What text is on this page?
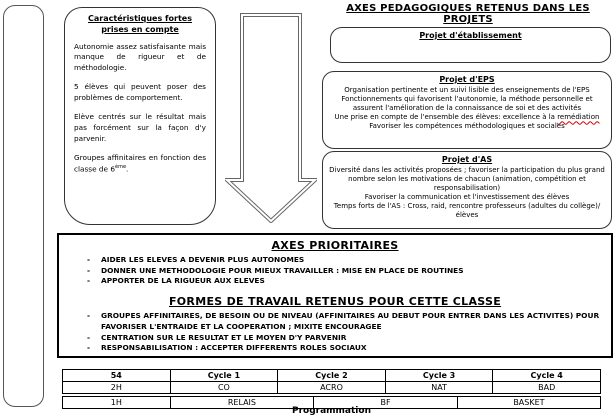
Caractéristiques fortes prises en compte

Autonomie assez satisfaisante mais manque de rigueur et de méthodologie.

5 élèves qui peuvent poser des problèmes de comportement.

Elève centrés sur le résultat mais pas forcément sur la façon d'y parvenir.

Groupes affinitaires en fonction des classe de 6ème.

AXES PEDAGOGIQUES RETENUS DANS LES PROJETS
Projet d'établissement
Projet d'EPS
Organisation pertinente et un suivi lisible des enseignements de l'EPS
Fonctionnements qui favorisent l'autonomie, la méthode personnelle et assurent l'amélioration de la connaissance de soi et des activités
Une prise en compte de l'ensemble des élèves: excellence à la remédiation
Favoriser les compétences méthodologiques et sociales
Projet d'AS
Diversité dans les activités proposées ; favoriser la participation du plus grand nombre selon les motivations de chacun (animation, compétition et responsabilisation)
Favoriser la communication et l'investissement des élèves
Temps forts de l'AS : Cross, raid, rencontre professeurs (adultes du collège)/élèves
AXES PRIORITAIRES
-	AIDER LES ELEVES A DEVENIR PLUS AUTONOMES
-	DONNER UNE METHODOLOGIE POUR MIEUX TRAVAILLER : MISE EN PLACE DE ROUTINES
-	APPORTER DE LA RIGUEUR AUX ELEVES
FORMES DE TRAVAIL RETENUS POUR CETTE CLASSE
-	GROUPES AFFINITAIRES, DE BESOIN OU DE NIVEAU (AFFINITAIRES AU DEBUT POUR ENTRER DANS LES ACTIVITES) POUR FAVORISER L'ENTRAIDE ET LA COOPERATION ; MIXITE ENCOURAGEE
-	CENTRATION SUR LE RESULTAT ET LE MOYEN D'Y PARVENIR
-	RESPONSABILISATION : ACCEPTER DIFFERENTS ROLES SOCIAUX
54	Cycle 1	Cycle 2	Cycle 3	Cycle 4
2H	CO	ACRO	NAT	BAD
1H	RELAIS	BF	BASKET
Programmation
